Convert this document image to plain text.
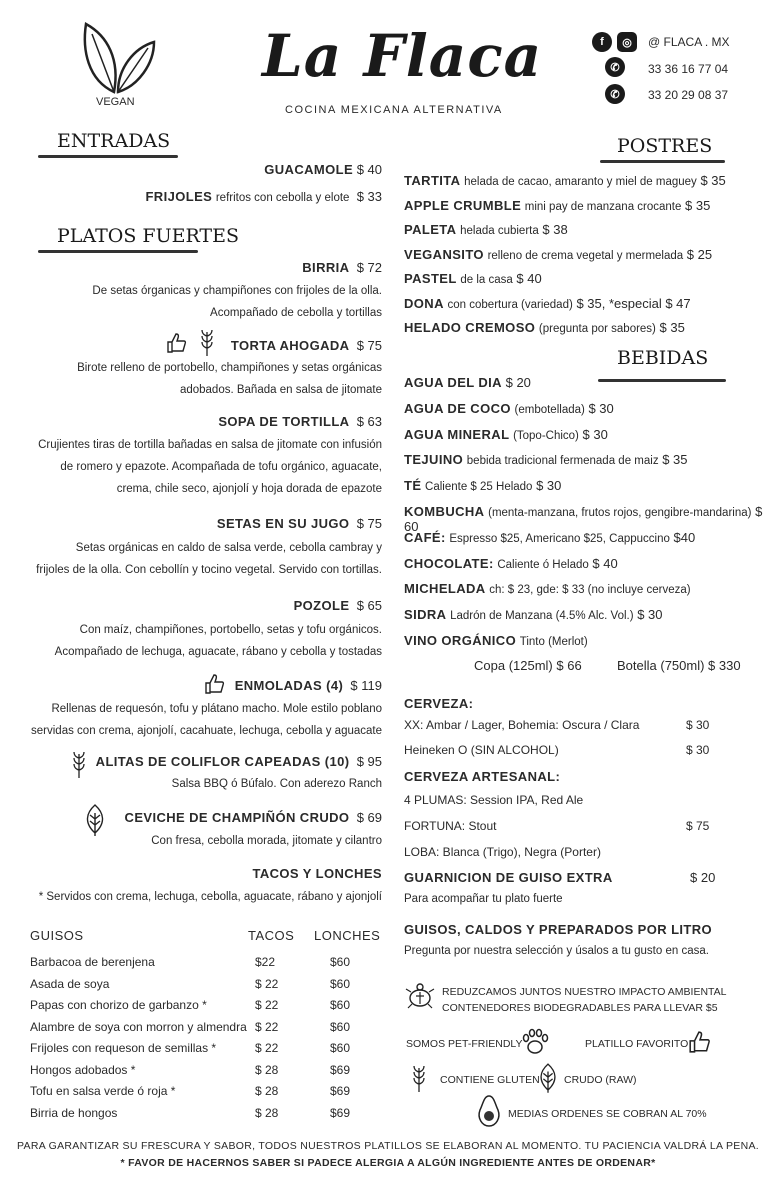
VEGAN
La Flaca
COCINA MEXICANA ALTERNATIVA
f	◎	@ FLACA . MX
✆	33 36 16 77 04
✆	33 20 29 08 37
ENTRADAS
GUACAMOLE $ 40
FRIJOLES refritos con cebolla y elote $ 33
PLATOS FUERTES
BIRRIA $ 72
De setas órganicas y champiñones con frijoles de la olla.
Acompañado de cebolla y tortillas
TORTA AHOGADA $ 75
Birote relleno de portobello, champiñones y setas orgánicas
adobados. Bañada en salsa de jitomate
SOPA DE TORTILLA $ 63
Crujientes tiras de tortilla bañadas en salsa de jitomate con infusión
de romero y epazote. Acompañada de tofu orgánico, aguacate,
crema, chile seco, ajonjolí y hoja dorada de epazote
SETAS EN SU JUGO $ 75
Setas orgánicas en caldo de salsa verde, cebolla cambray y
frijoles de la olla. Con cebollín y tocino vegetal. Servido con tortillas.
POZOLE $ 65
Con maíz, champiñones, portobello, setas y tofu orgánicos.
Acompañado de lechuga, aguacate, rábano y cebolla y tostadas
ENMOLADAS (4) $ 119
Rellenas de requesón, tofu y plátano macho. Mole estilo poblano
servidas con crema, ajonjolí, cacahuate, lechuga, cebolla y aguacate
ALITAS DE COLIFLOR CAPEADAS (10) $ 95
Salsa BBQ ó Búfalo. Con aderezo Ranch
CEVICHE DE CHAMPIÑÓN CRUDO $ 69
Con fresa, cebolla morada, jitomate y cilantro
TACOS Y LONCHES
* Servidos con crema, lechuga, cebolla, aguacate, rábano y ajonjolí
GUISOS	TACOS LONCHES
Barbacoa de berenjena	$22	$60
Asada de soya	$ 22	$60
Papas con chorizo de garbanzo *	$ 22	$60
Alambre de soya con morron y almendra $ 22	$60
Frijoles con requeson de semillas *	$ 22	$60
Hongos adobados *	$ 28	$69
Tofu en salsa verde ó roja *	$ 28	$69
Birria de hongos	$ 28	$69
POSTRES
TARTITA helada de cacao, amaranto y miel de maguey $ 35
APPLE CRUMBLE mini pay de manzana crocante $ 35
PALETA helada cubierta $ 38
VEGANSITO relleno de crema vegetal y mermelada $ 25
PASTEL de la casa $ 40
DONA con cobertura (variedad) $ 35, *especial $ 47
HELADO CREMOSO (pregunta por sabores) $ 35
BEBIDAS
AGUA DEL DIA $ 20
AGUA DE COCO (embotellada) $ 30
AGUA MINERAL (Topo-Chico) $ 30
TEJUINO bebida tradicional fermenada de maiz $ 35
TÉ Caliente $ 25 Helado $ 30
KOMBUCHA (menta-manzana, frutos rojos, gengibre-mandarina) $ 60
CAFÉ: Espresso $25, Americano $25, Cappuccino $40
CHOCOLATE: Caliente ó Helado $ 40
MICHELADA ch: $ 23, gde: $ 33 (no incluye cerveza)
SIDRA Ladrón de Manzana (4.5% Alc. Vol.) $ 30
VINO ORGÁNICO Tinto (Merlot)
Copa (125ml) $ 66	Botella (750ml) $ 330
CERVEZA:
XX: Ambar / Lager, Bohemia: Oscura / Clara	$ 30
Heineken O (SIN ALCOHOL)	$ 30
CERVEZA ARTESANAL:
4 PLUMAS: Session IPA, Red Ale
FORTUNA: Stout	$ 75
LOBA: Blanca (Trigo), Negra (Porter)
GUARNICION DE GUISO EXTRA	$ 20
Para acompañar tu plato fuerte
GUISOS, CALDOS Y PREPARADOS POR LITRO
Pregunta por nuestra selección y úsalos a tu gusto en casa.
REDUZCAMOS JUNTOS NUESTRO IMPACTO AMBIENTAL
CONTENEDORES BIODEGRADABLES PARA LLEVAR $5
SOMOS PET-FRIENDLY	PLATILLO FAVORITO
CONTIENE GLUTEN CRUDO (RAW)
MEDIAS ORDENES SE COBRAN AL 70%
PARA GARANTIZAR SU FRESCURA Y SABOR, TODOS NUESTROS PLATILLOS SE ELABORAN AL MOMENTO. TU PACIENCIA VALDRÁ LA PENA.
* FAVOR DE HACERNOS SABER SI PADECE ALERGIA A ALGÚN INGREDIENTE ANTES DE ORDENAR*
